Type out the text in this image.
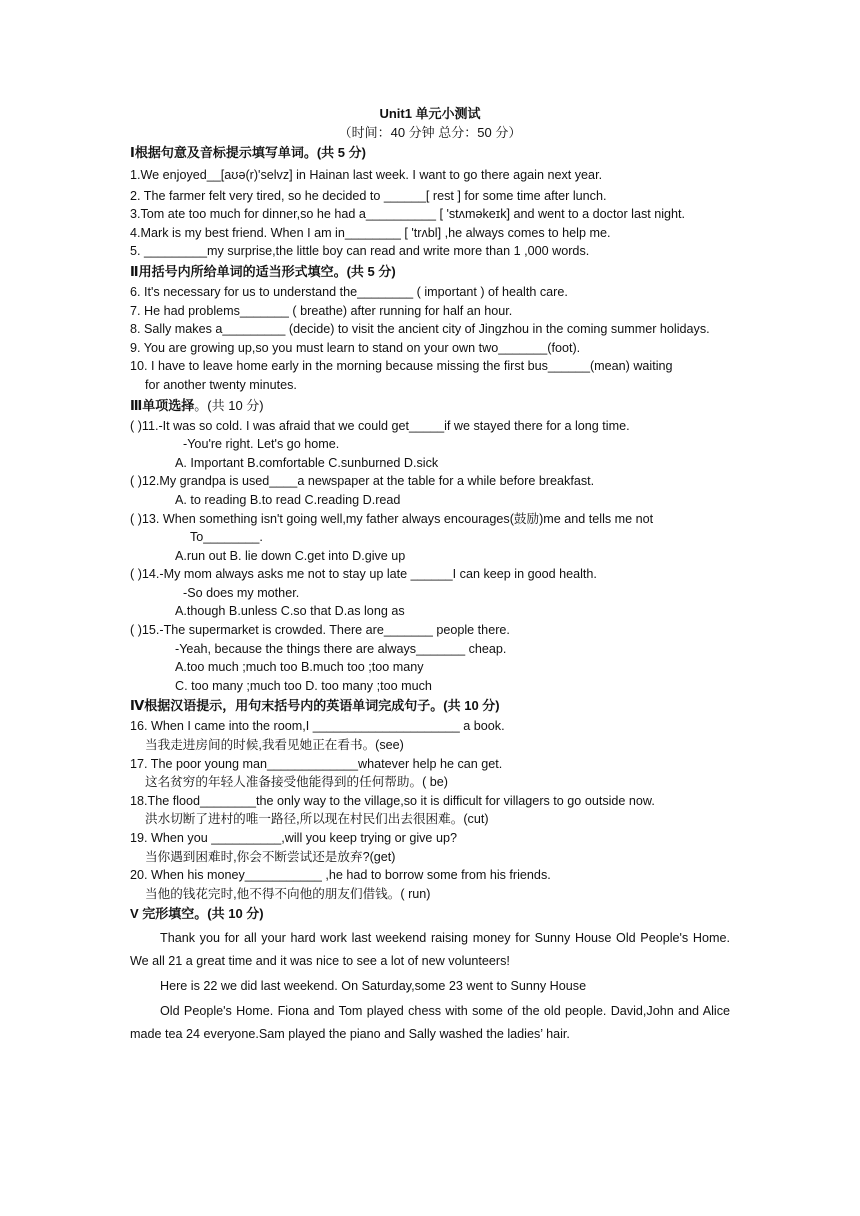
Unit1 单元小测试
（时间：40 分钟 总分：50 分）
Ⅰ根据句意及音标提示填写单词。(共 5 分)
1.We enjoyed__[aʊə(r)'selvz] in Hainan last week. I want to go there again next year.
2. The farmer felt very tired, so he decided to ______[ rest ] for some time after lunch.
3.Tom ate too much for dinner,so he had a__________ [ 'stʌməkeɪk] and went to a doctor last night.
4.Mark is my best friend. When I am in________ [ 'trʌbl] ,he always comes to help me.
5. _________my surprise,the little boy can read and write more than 1 ,000 words.
Ⅱ用括号内所给单词的适当形式填空。(共 5 分)
6. It's necessary for us to understand the________ ( important ) of health care.
7. He had problems_______ ( breathe) after running for half an hour.
8. Sally makes a_________ (decide) to visit the ancient city of Jingzhou in the coming summer holidays.
9. You are growing up,so you must learn to stand on your own two_______(foot).
10. I have to leave home early in the morning because missing the first bus______(mean) waiting
for another twenty minutes.
Ⅲ单项选择。(共 10 分)
( )11.-It was so cold. I was afraid that we could get_____if we stayed there for a long time.
-You're right. Let's go home.
A. Important B.comfortable C.sunburned D.sick
( )12.My grandpa is used____a newspaper at the table for a while before breakfast.
A. to reading B.to read C.reading D.read
( )13. When something isn't going well,my father always encourages(鼓励)me and tells me not
To________.
A.run out B. lie down C.get into D.give up
( )14.-My mom always asks me not to stay up late ______I can keep in good health.
-So does my mother.
A.though B.unless C.so that D.as long as
( )15.-The supermarket is crowded. There are_______ people there.
-Yeah, because the things there are always_______ cheap.
A.too much ;much too B.much too ;too many
C. too many ;much too D. too many ;too much
Ⅳ根据汉语提示，用句末括号内的英语单词完成句子。(共 10 分)
16. When I came into the room,I _____________________ a book.
当我走进房间的时候,我看见她正在看书。(see)
17. The poor young man_____________whatever help he can get.
这名贫穷的年轻人准备接受他能得到的任何帮助。( be)
18.The flood________the only way to the village,so it is difficult for villagers to go outside now.
洪水切断了进村的唯一路径,所以现在村民们出去很困难。(cut)
19. When you __________,will you keep trying or give up?
当你遇到困难时,你会不断尝试还是放弃?(get)
20. When his money___________ ,he had to borrow some from his friends.
当他的钱花完时,他不得不向他的朋友们借钱。( run)
V 完形填空。(共 10 分)
Thank you for all your hard work last weekend raising money for Sunny House Old People's Home. We all 21 a great time and it was nice to see a lot of new volunteers!
Here is 22 we did last weekend. On Saturday,some 23 went to Sunny House
Old People's Home. Fiona and Tom played chess with some of the old people. David,John and Alice made tea 24 everyone.Sam played the piano and Sally washed the ladies’ hair.
